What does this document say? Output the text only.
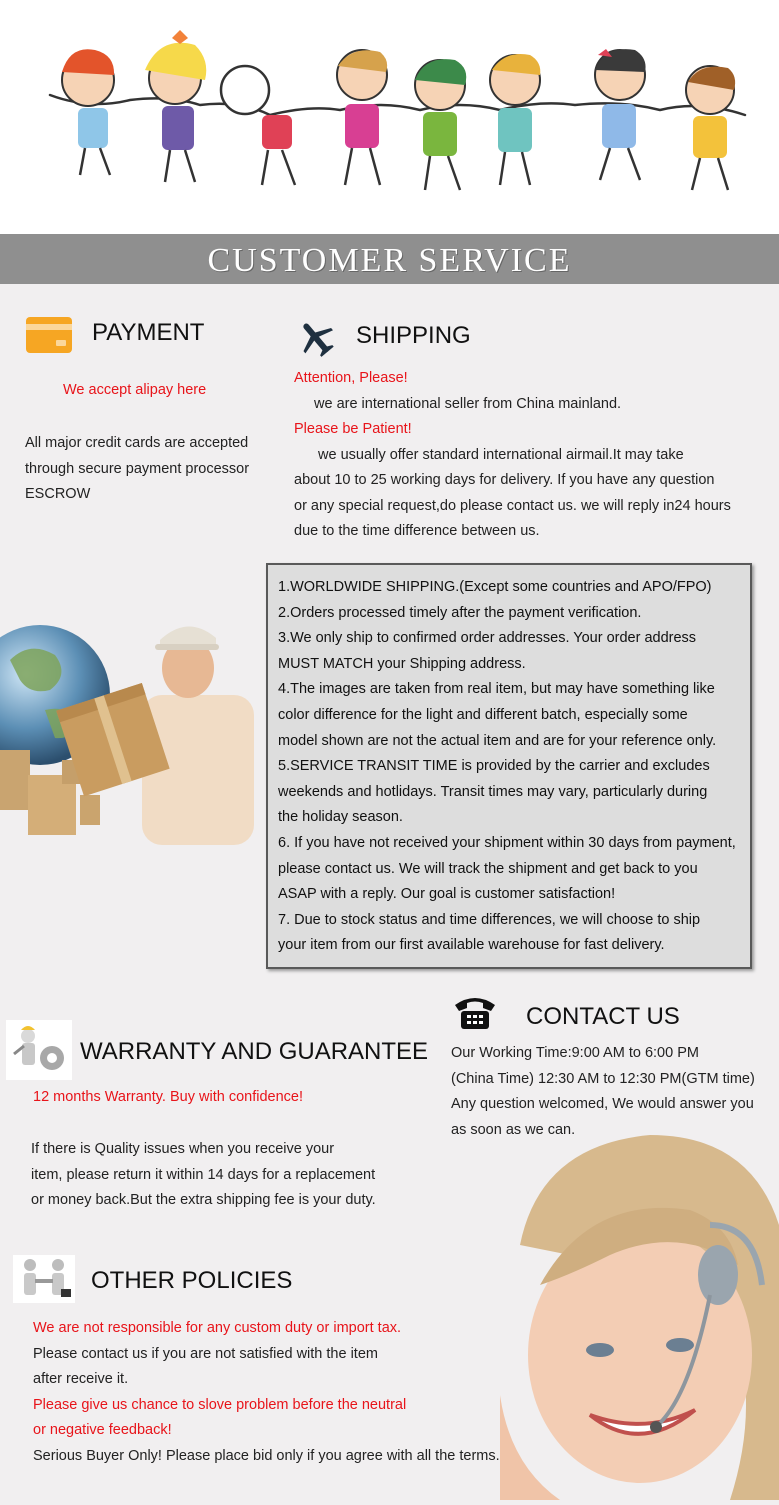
CUSTOMER SERVICE
PAYMENT
We accept alipay here
All major credit cards are accepted
through secure payment processor
ESCROW
SHIPPING
Attention, Please!
we are international seller from China mainland.
Please be Patient!
we usually offer standard international airmail.It may take
about 10 to 25 working days for delivery. If you have any question
or any special request,do please contact us. we will reply in24 hours
due to the time difference between us.
1.WORLDWIDE SHIPPING.(Except some countries and APO/FPO)
2.Orders processed timely after the payment verification.
3.We only ship to confirmed order addresses. Your order address
MUST MATCH your Shipping address.
4.The images are taken from real item, but may have something like
color difference for the light and different batch, especially some
model shown are not the actual item and are for your reference only.
5.SERVICE TRANSIT TIME is provided by the carrier and excludes
weekends and hotlidays. Transit times may vary, particularly during
the holiday season.
6. If you have not received your shipment within 30 days from payment,
please contact us. We will track the shipment and get back to you
ASAP with a reply. Our goal is customer satisfaction!
7. Due to stock status and time differences, we will choose to ship
your item from our first available warehouse for fast delivery.
WARRANTY AND GUARANTEE
12 months Warranty. Buy with confidence!
If there is Quality issues when you receive your
item, please return it within 14 days for a replacement
or money back.But the extra shipping fee is your duty.
CONTACT US
Our Working Time:9:00 AM to 6:00 PM
(China Time) 12:30 AM to 12:30 PM(GTM time)
Any question welcomed, We would answer you
as soon as we can.
OTHER POLICIES
We are not responsible for any custom duty or import tax.
Please contact us if you are not satisfied with the item
after receive it.
Please give us chance to slove problem before the neutral
or negative feedback!
Serious Buyer Only! Please place bid only if you agree with all the terms.
